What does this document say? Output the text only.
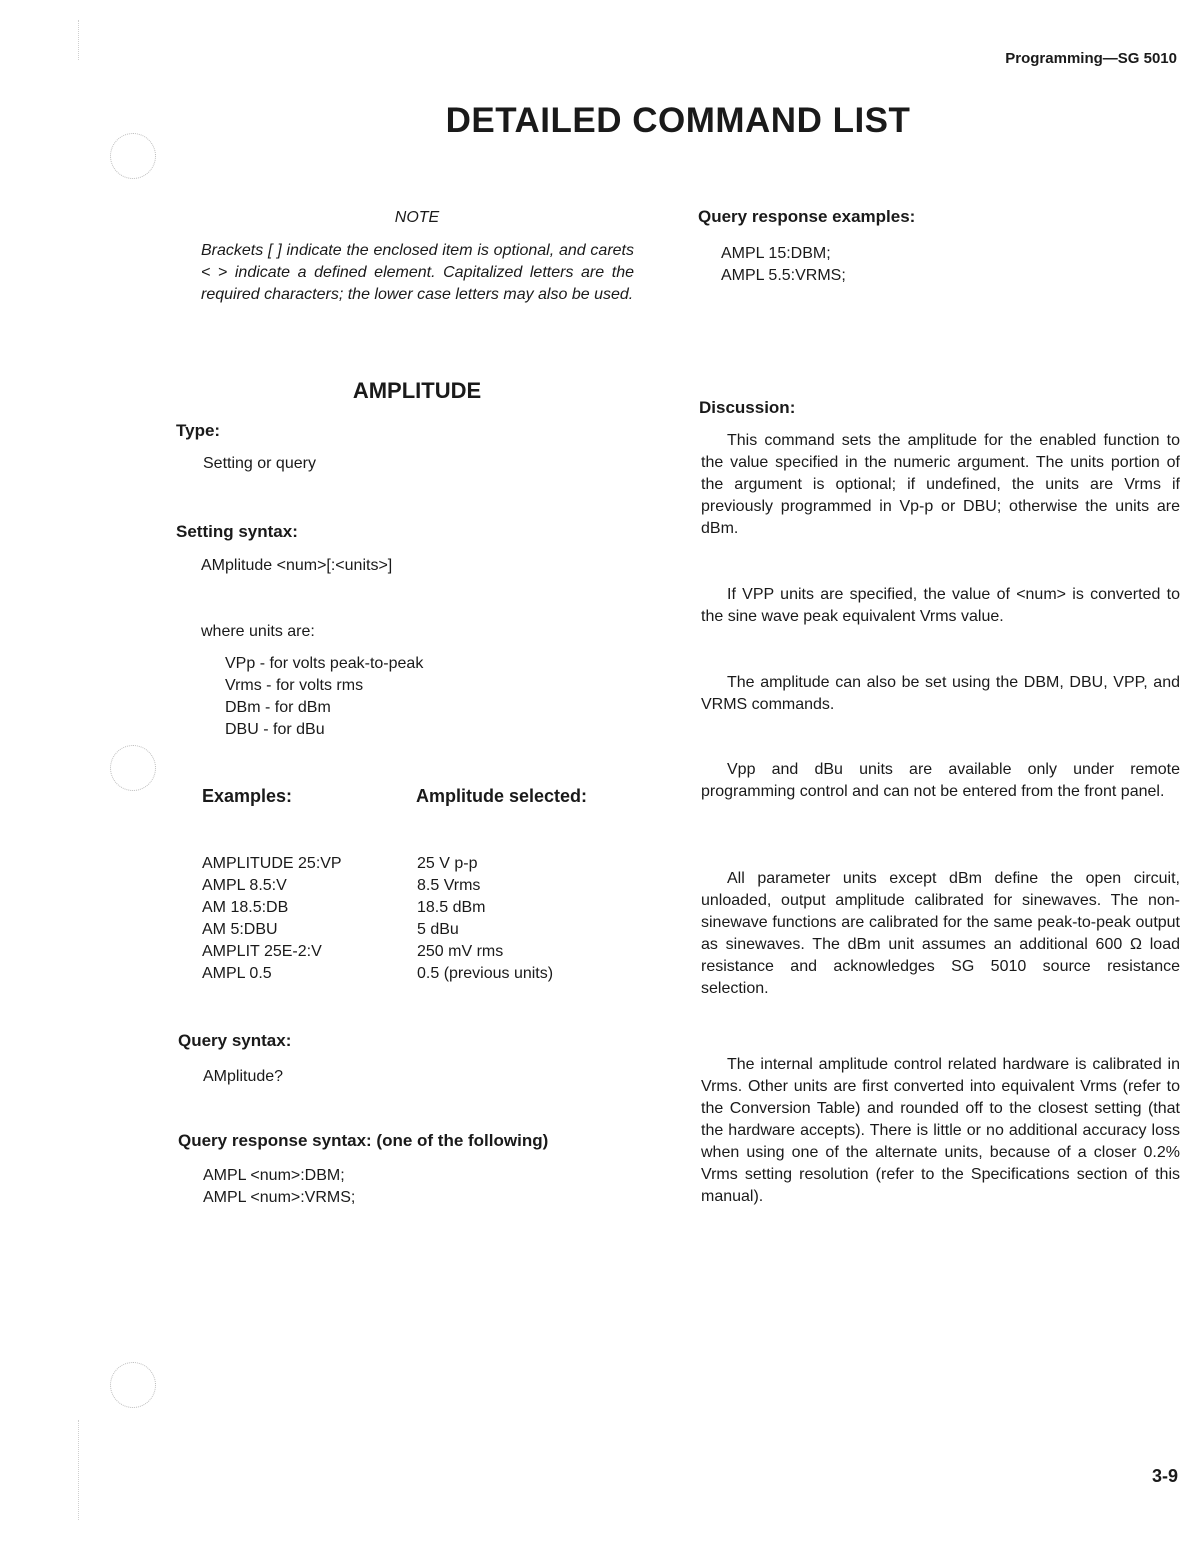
Programming—SG 5010
DETAILED COMMAND LIST
NOTE
Brackets [ ] indicate the enclosed item is optional, and carets < > indicate a defined element. Capitalized letters are the required characters; the lower case letters may also be used.
AMPLITUDE
Type:
Setting or query
Setting syntax:
AMplitude <num>[:<units>]
where units are:
VPp - for volts peak-to-peak
Vrms - for volts rms
DBm - for dBm
DBU - for dBu
Examples:	Amplitude selected:
AMPLITUDE 25:VP
AMPL 8.5:V
AM 18.5:DB
AM 5:DBU
AMPLIT 25E-2:V
AMPL 0.5
25 V p-p
8.5 Vrms
18.5 dBm
5 dBu
250 mV rms
0.5 (previous units)
Query syntax:
AMplitude?
Query response syntax: (one of the following)
AMPL <num>:DBM;
AMPL <num>:VRMS;
Query response examples:
AMPL 15:DBM;
AMPL 5.5:VRMS;
Discussion:
This command sets the amplitude for the enabled function to the value specified in the numeric argument. The units portion of the argument is optional; if undefined, the units are Vrms if previously programmed in Vp-p or DBU; otherwise the units are dBm.
If VPP units are specified, the value of <num> is converted to the sine wave peak equivalent Vrms value.
The amplitude can also be set using the DBM, DBU, VPP, and VRMS commands.
Vpp and dBu units are available only under remote programming control and can not be entered from the front panel.
All parameter units except dBm define the open circuit, unloaded, output amplitude calibrated for sinewaves. The non-sinewave functions are calibrated for the same peak-to-peak output as sinewaves. The dBm unit assumes an additional 600 Ω load resistance and acknowledges SG 5010 source resistance selection.
The internal amplitude control related hardware is calibrated in Vrms. Other units are first converted into equivalent Vrms (refer to the Conversion Table) and rounded off to the closest setting (that the hardware accepts). There is little or no additional accuracy loss when using one of the alternate units, because of a closer 0.2% Vrms setting resolution (refer to the Specifications section of this manual).
3-9
